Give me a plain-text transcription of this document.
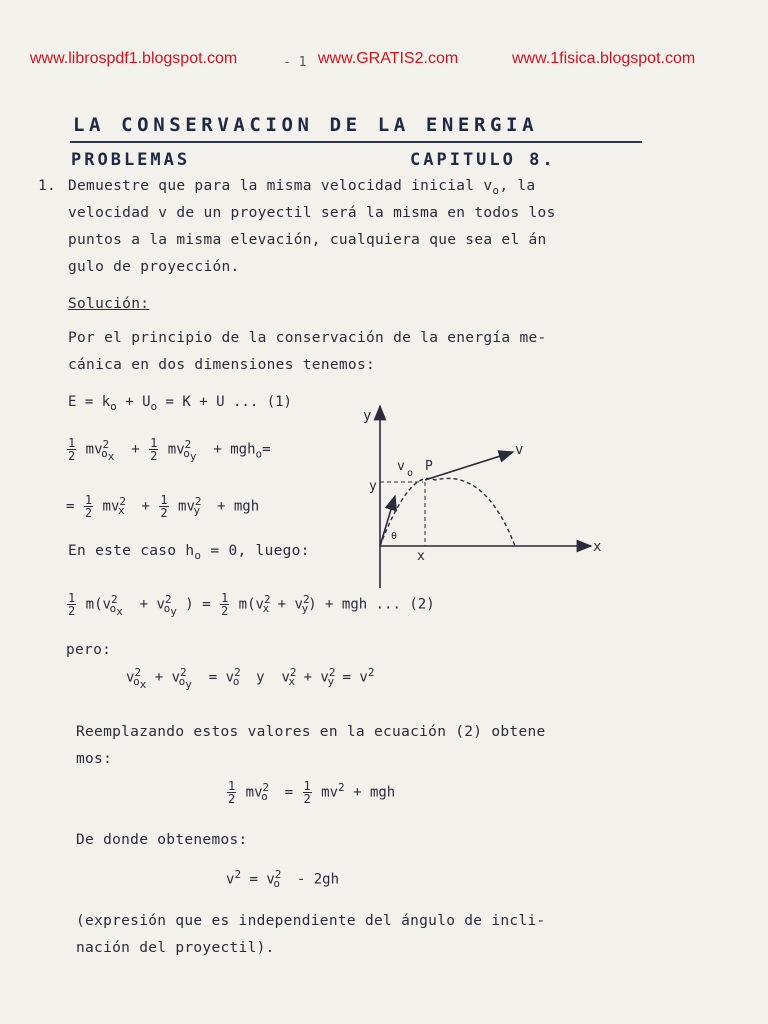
www.librospdf1.blogspot.com	- 1 www.GRATIS2.com	www.1fisica.blogspot.com
LA CONSERVACION DE LA ENERGIA
PROBLEMAS	CAPITULO 8.
1. Demuestre que para la misma velocidad inicial $v_o$, la
velocidad v de un proyectil será la misma en todos los
puntos a la misma elevación, cualquiera que sea el án
gulo de proyección.
Solución:
Por el principio de la conservación de la energía me-
cánica en dos dimensiones tenemos:
$E = k_o + U_o = K + U$ ... (1)
$\frac{1}{2} mv^2_{o_x} + \frac{1}{2} mv^2_{o_y} + mgh_o=$
= $\frac{1}{2} mv^2_x + \frac{1}{2} mv^2_y$  + mgh
En este caso $h_o = 0$, luego:
$\frac{1}{2} m(v^2_{o_x} + v^2_{o_y}$ ) = $\frac{1}{2} m(v^2_x + v^2_y)$ + mgh ... (2)
pero:
$v^2_{o_x} + v^2_{o_y} = v^2_o$  y  $v^2_x + v^2_y = v^2$
Reemplazando estos valores en la ecuación (2) obtene
mos:
$\frac{1}{2} mv^2_o = \frac{1}{2} mv^2$ + mgh
De donde obtenemos:
$v^2 = v^2_o - 2gh$
(expresión que es independiente del ángulo de incli-
nación del proyectil).
y
x
v
v o P
y
x
θ
